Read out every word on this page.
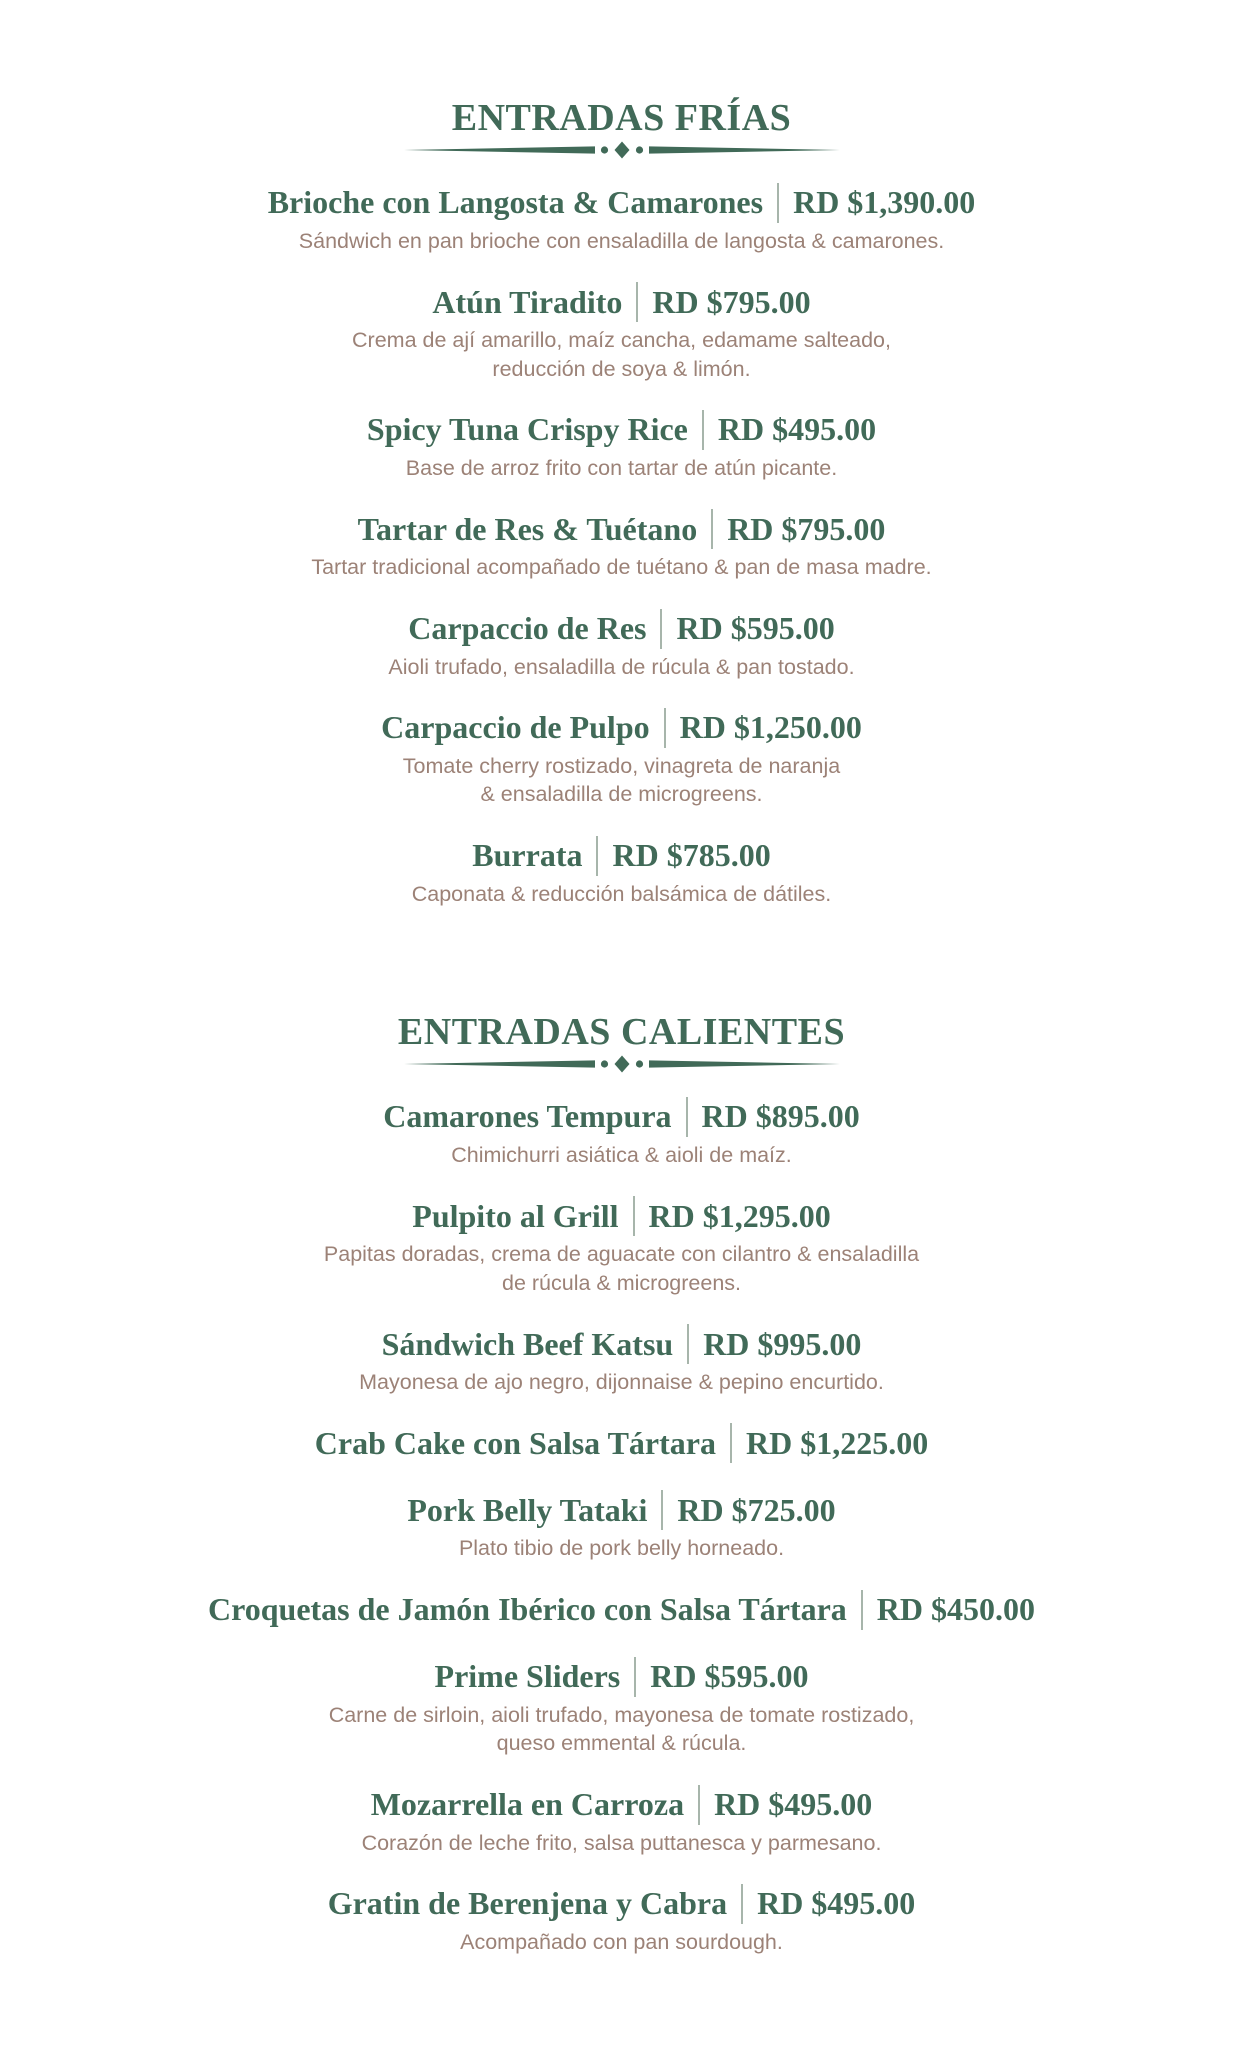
ENTRADAS FRÍAS
Brioche con Langosta & Camarones RD $1,390.00
Sándwich en pan brioche con ensaladilla de langosta & camarones.
Atún Tiradito RD $795.00
Crema de ají amarillo, maíz cancha, edamame salteado,
reducción de soya & limón.
Spicy Tuna Crispy Rice RD $495.00
Base de arroz frito con tartar de atún picante.
Tartar de Res & Tuétano RD $795.00
Tartar tradicional acompañado de tuétano & pan de masa madre.
Carpaccio de Res RD $595.00
Aioli trufado, ensaladilla de rúcula & pan tostado.
Carpaccio de Pulpo RD $1,250.00
Tomate cherry rostizado, vinagreta de naranja
& ensaladilla de microgreens.
Burrata RD $785.00
Caponata & reducción balsámica de dátiles.
ENTRADAS CALIENTES
Camarones Tempura RD $895.00
Chimichurri asiática & aioli de maíz.
Pulpito al Grill RD $1,295.00
Papitas doradas, crema de aguacate con cilantro & ensaladilla
de rúcula & microgreens.
Sándwich Beef Katsu RD $995.00
Mayonesa de ajo negro, dijonnaise & pepino encurtido.
Crab Cake con Salsa Tártara RD $1,225.00
Pork Belly Tataki RD $725.00
Plato tibio de pork belly horneado.
Croquetas de Jamón Ibérico con Salsa Tártara RD $450.00
Prime Sliders RD $595.00
Carne de sirloin, aioli trufado, mayonesa de tomate rostizado,
queso emmental & rúcula.
Mozarrella en Carroza RD $495.00
Corazón de leche frito, salsa puttanesca y parmesano.
Gratin de Berenjena y Cabra RD $495.00
Acompañado con pan sourdough.
